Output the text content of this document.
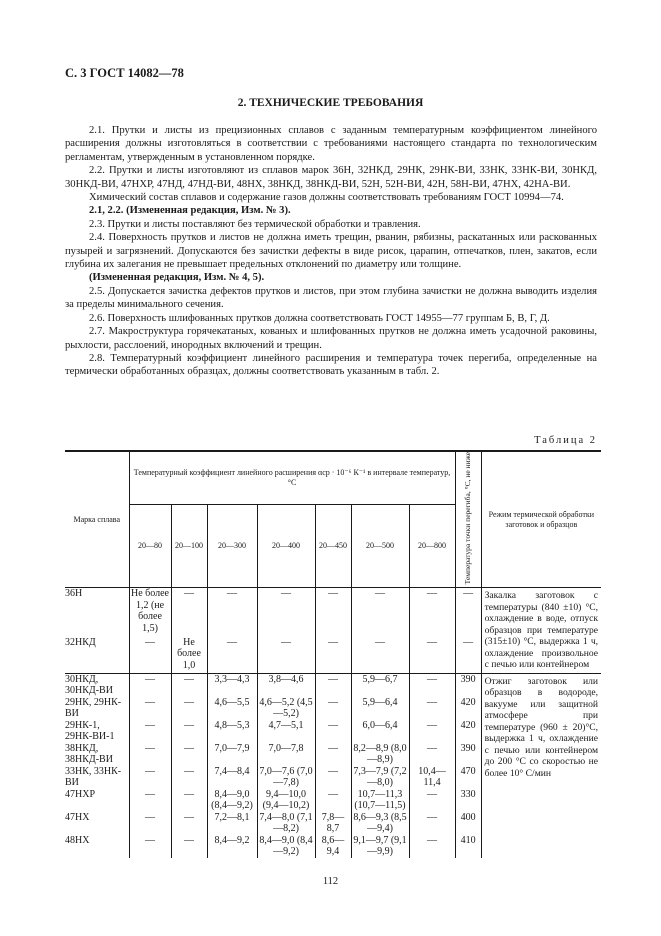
С. 3 ГОСТ 14082—78
2. ТЕХНИЧЕСКИЕ ТРЕБОВАНИЯ

2.1. Прутки и листы из прецизионных сплавов с заданным температурным коэффициентом линейного расширения должны изготовляться в соответствии с требованиями настоящего стандарта по технологическим регламентам, утвержденным в установленном порядке.

2.2. Прутки и листы изготовляют из сплавов марок 36Н, 32НКД, 29НК, 29НК-ВИ, 33НК, 33НК-ВИ, 30НКД, 30НКД-ВИ, 47НХР, 47НД, 47НД-ВИ, 48НХ, 38НКД, 38НКД-ВИ, 52Н, 52Н-ВИ, 42Н, 58Н-ВИ, 47НХ, 42НА-ВИ.

Химический состав сплавов и содержание газов должны соответствовать требованиям ГОСТ 10994—74.

2.1, 2.2. (Измененная редакция, Изм. № 3).

2.3. Прутки и листы поставляют без термической обработки и травления.

2.4. Поверхность прутков и листов не должна иметь трещин, рванин, рябизны, раскатанных или раскованных пузырей и загрязнений. Допускаются без зачистки дефекты в виде рисок, царапин, отпечатков, плен, закатов, если глубина их залегания не превышает предельных отклонений по диаметру или толщине.

(Измененная редакция, Изм. № 4, 5).

2.5. Допускается зачистка дефектов прутков и листов, при этом глубина зачистки не должна выводить изделия за пределы минимального сечения.

2.6. Поверхность шлифованных прутков должна соответствовать ГОСТ 14955—77 группам Б, В, Г, Д.

2.7. Макроструктура горячекатаных, кованых и шлифованных прутков не должна иметь усадочной раковины, рыхлости, расслоений, инородных включений и трещин.

2.8. Температурный коэффициент линейного расширения и температура точек перегиба, определенные на термически обработанных образцах, должны соответствовать указанным в табл. 2.

Таблица 2
Марка сплава	Температурный коэффициент линейного расширения αср · 10⁻⁶ К⁻¹ в интервале температур, °С							Температура точки перегиба, °С, не ниже	Режим термической обработки заготовок и образцов
	20—80	20—100	20—300	20—400	20—450	20—500	20—800		
36Н	Не более 1,2 (не более 1,5)	—	—	—	—	—	—	—	Закалка заготовок с температуры (840 ±10) °С, охлаждение в воде, отпуск образцов при температуре (315±10) °С, выдержка 1 ч, охлаждение произвольное с печью или контейнером
32НКД	—	Не более 1,0	—	—	—	—	—	—	
30НКД, 30НКД-ВИ	—	—	3,3—4,3	3,8—4,6	—	5,9—6,7	—	390	Отжиг заготовок или образцов в водороде, вакууме или защитной атмосфере при температуре (960 ± 20)°С, выдержка 1 ч, охлаждение с печью или контейнером до 200 °С со скоростью не более 10° С/мин
29НК, 29НК-ВИ	—	—	4,6—5,5	4,6—5,2 (4,5—5,2)	—	5,9—6,4	—	420	
29НК-1, 29НК-ВИ-1	—	—	4,8—5,3	4,7—5,1	—	6,0—6,4	—	420	
38НКД, 38НКД-ВИ	—	—	7,0—7,9	7,0—7,8	—	8,2—8,9 (8,0—8,9)	—	390	
33НК, 33НК-ВИ	—	—	7,4—8,4	7,0—7,6 (7,0—7,8)	—	7,3—7,9 (7,2—8,0)	10,4—11,4	470	
47НХР	—	—	8,4—9,0 (8,4—9,2)	9,4—10,0 (9,4—10,2)	—	10,7—11,3 (10,7—11,5)	—	330	
47НХ	—	—	7,2—8,1	7,4—8,0 (7,1—8,2)	7,8—8,7	8,6—9,3 (8,5—9,4)	—	400	
48НХ	—	—	8,4—9,2	8,4—9,0 (8,4—9,2)	8,6—9,4	9,1—9,7 (9,1—9,9)	—	410	
112
